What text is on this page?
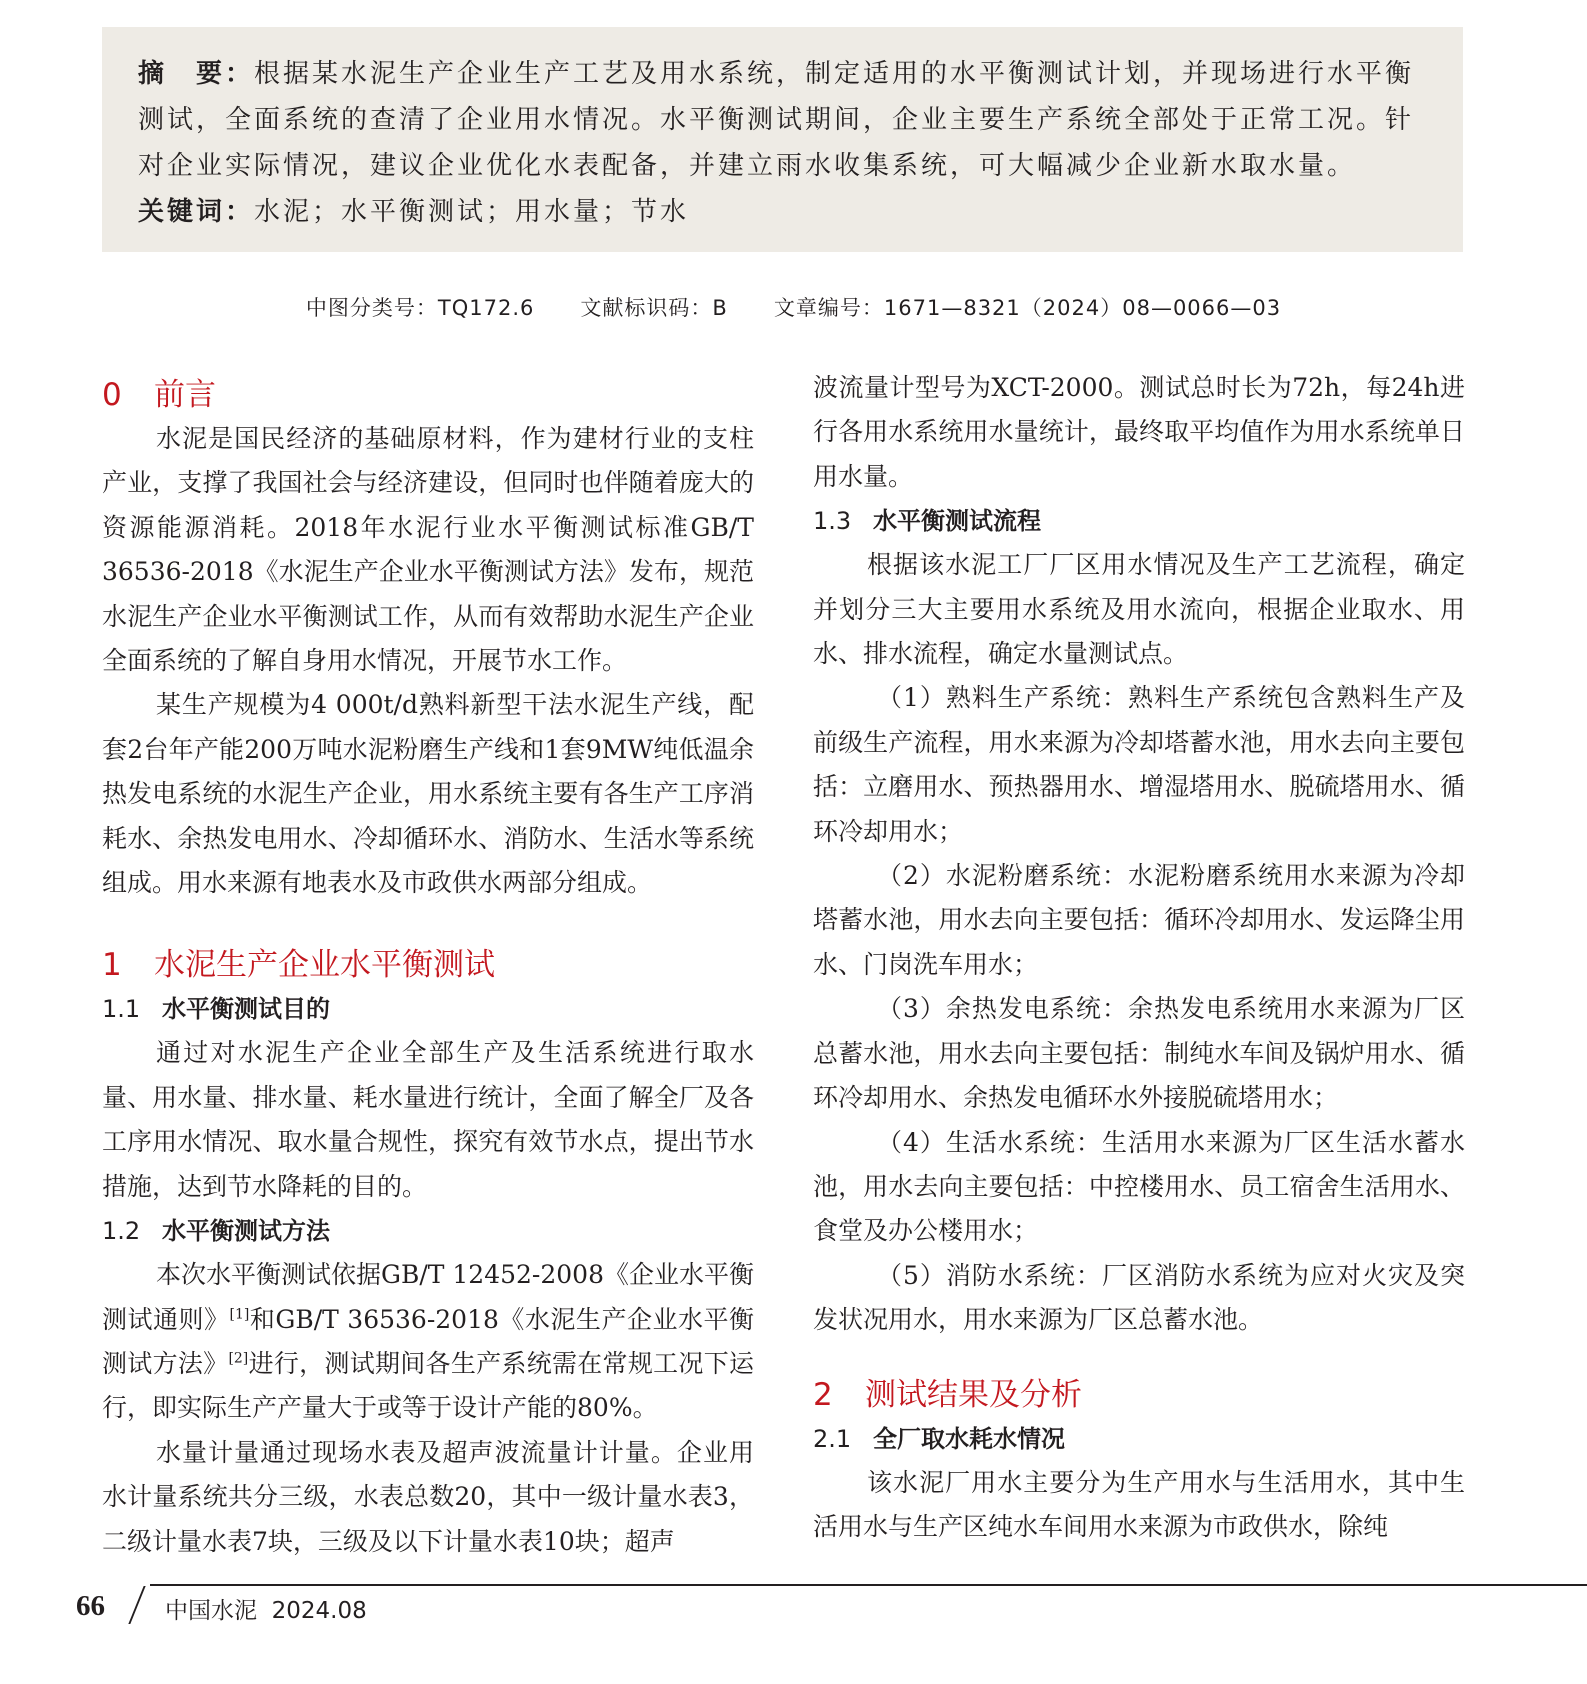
摘　要：根据某水泥生产企业生产工艺及用水系统，制定适用的水平衡测试计划，并现场进行水平衡测试，全面系统的查清了企业用水情况。水平衡测试期间，企业主要生产系统全部处于正常工况。针对企业实际情况，建议企业优化水表配备，并建立雨水收集系统，可大幅减少企业新水取水量。

关键词：水泥；水平衡测试；用水量；节水

中图分类号：TQ172.6 文献标识码：B 文章编号：1671—8321（2024）08—0066—03
0 前言

水泥是国民经济的基础原材料，作为建材行业的支柱产业，支撑了我国社会与经济建设，但同时也伴随着庞大的资源能源消耗。2018年水泥行业水平衡测试标准GB/T 36536-2018《水泥生产企业水平衡测试方法》发布，规范水泥生产企业水平衡测试工作，从而有效帮助水泥生产企业全面系统的了解自身用水情况，开展节水工作。

某生产规模为4 000t/d熟料新型干法水泥生产线，配套2台年产能200万吨水泥粉磨生产线和1套9MW纯低温余热发电系统的水泥生产企业，用水系统主要有各生产工序消耗水、余热发电用水、冷却循环水、消防水、生活水等系统组成。用水来源有地表水及市政供水两部分组成。

1 水泥生产企业水平衡测试
1.1 水平衡测试目的

通过对水泥生产企业全部生产及生活系统进行取水量、用水量、排水量、耗水量进行统计，全面了解全厂及各工序用水情况、取水量合规性，探究有效节水点，提出节水措施，达到节水降耗的目的。

1.2 水平衡测试方法

本次水平衡测试依据GB/T 12452-2008《企业水平衡测试通则》[1]和GB/T 36536-2018《水泥生产企业水平衡测试方法》[2]进行，测试期间各生产系统需在常规工况下运行，即实际生产产量大于或等于设计产能的80%。

水量计量通过现场水表及超声波流量计计量。企业用水计量系统共分三级，水表总数20，其中一级计量水表3，二级计量水表7块，三级及以下计量水表10块；超声

波流量计型号为XCT-2000。测试总时长为72h，每24h进行各用水系统用水量统计，最终取平均值作为用水系统单日用水量。

1.3 水平衡测试流程

根据该水泥工厂厂区用水情况及生产工艺流程，确定并划分三大主要用水系统及用水流向，根据企业取水、用水、排水流程，确定水量测试点。

（1）熟料生产系统：熟料生产系统包含熟料生产及前级生产流程，用水来源为冷却塔蓄水池，用水去向主要包括：立磨用水、预热器用水、增湿塔用水、脱硫塔用水、循环冷却用水；

（2）水泥粉磨系统：水泥粉磨系统用水来源为冷却塔蓄水池，用水去向主要包括：循环冷却用水、发运降尘用水、门岗洗车用水；

（3）余热发电系统：余热发电系统用水来源为厂区总蓄水池，用水去向主要包括：制纯水车间及锅炉用水、循环冷却用水、余热发电循环水外接脱硫塔用水；

（4）生活水系统：生活用水来源为厂区生活水蓄水池，用水去向主要包括：中控楼用水、员工宿舍生活用水、食堂及办公楼用水；

（5）消防水系统：厂区消防水系统为应对火灾及突发状况用水，用水来源为厂区总蓄水池。

2 测试结果及分析
2.1 全厂取水耗水情况

该水泥厂用水主要分为生产用水与生活用水，其中生活用水与生产区纯水车间用水来源为市政供水，除纯

66	中国水泥  2024.08
